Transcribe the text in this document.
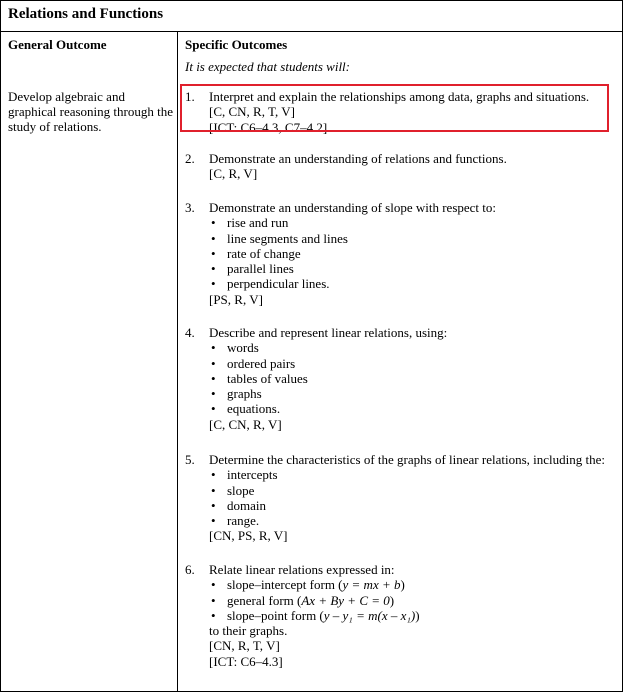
Relations and Functions
General Outcome	Specific Outcomes
It is expected that students will:
Develop algebraic and graphical reasoning through the study of relations.
1. Interpret and explain the relationships among data, graphs and situations.
[C, CN, R, T, V]
[ICT: C6–4.3, C7–4.2]
2. Demonstrate an understanding of relations and functions.
[C, R, V]
3. Demonstrate an understanding of slope with respect to:
• rise and run
• line segments and lines
• rate of change
• parallel lines
• perpendicular lines.
[PS, R, V]
4. Describe and represent linear relations, using:
• words
• ordered pairs
• tables of values
• graphs
• equations.
[C, CN, R, V]
5. Determine the characteristics of the graphs of linear relations, including the:
• intercepts
• slope
• domain
• range.
[CN, PS, R, V]
6. Relate linear relations expressed in:
• slope–intercept form (y = mx + b)
• general form (Ax + By + C = 0)
• slope–point form (y – y₁ = m(x – x₁))
to their graphs.
[CN, R, T, V]
[ICT: C6–4.3]
